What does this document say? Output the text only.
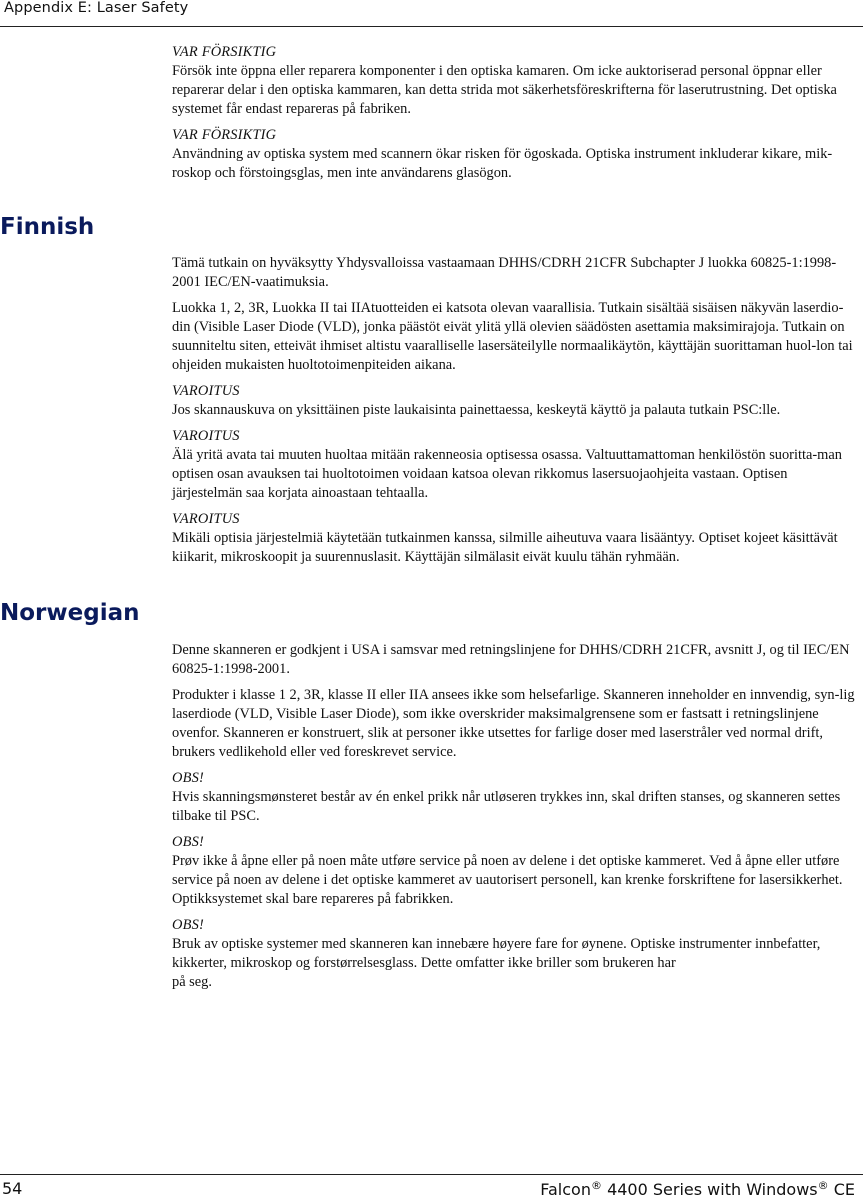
Appendix E: Laser Safety

VAR FÖRSIKTIG

Försök inte öppna eller reparera komponenter i den optiska kamaren. Om icke auktoriserad personal öppnar eller reparerar delar i den optiska kammaren, kan detta strida mot säkerhetsföreskrifterna för laserutrustning. Det optiska systemet får endast repareras på fabriken.

VAR FÖRSIKTIG

Användning av optiska system med scannern ökar risken för ögoskada. Optiska instrument inkluderar kikare, mik-roskop och förstoingsglas, men inte användarens glasögon.

Finnish

Tämä tutkain on hyväksytty Yhdysvalloissa vastaamaan DHHS/CDRH 21CFR Subchapter J luokka 60825-1:1998-2001 IEC/EN-vaatimuksia.

Luokka 1, 2, 3R, Luokka II tai IIAtuotteiden ei katsota olevan vaarallisia. Tutkain sisältää sisäisen näkyvän laserdio-din (Visible Laser Diode (VLD), jonka päästöt eivät ylitä yllä olevien säädösten asettamia maksimirajoja. Tutkain on suunniteltu siten, etteivät ihmiset altistu vaaralliselle lasersäteilylle normaalikäytön, käyttäjän suorittaman huol-lon tai ohjeiden mukaisten huoltotoimenpiteiden aikana.

VAROITUS

Jos skannauskuva on yksittäinen piste laukaisinta painettaessa, keskeytä käyttö ja palauta tutkain PSC:lle.

VAROITUS

Älä yritä avata tai muuten huoltaa mitään rakenneosia optisessa osassa. Valtuuttamattoman henkilöstön suoritta-man optisen osan avauksen tai huoltotoimen voidaan katsoa olevan rikkomus lasersuojaohjeita vastaan. Optisen järjestelmän saa korjata ainoastaan tehtaalla.

VAROITUS

Mikäli optisia järjestelmiä käytetään tutkainmen kanssa, silmille aiheutuva vaara lisääntyy. Optiset kojeet käsittävät kiikarit, mikroskoopit ja suurennuslasit. Käyttäjän silmälasit eivät kuulu tähän ryhmään.

Norwegian

Denne skanneren er godkjent i USA i samsvar med retningslinjene for DHHS/CDRH 21CFR, avsnitt J, og til IEC/EN 60825-1:1998-2001.

Produkter i klasse 1 2, 3R, klasse II eller IIA ansees ikke som helsefarlige. Skanneren inneholder en innvendig, syn-lig laserdiode (VLD, Visible Laser Diode), som ikke overskrider maksimalgrensene som er fastsatt i retningslinjene ovenfor. Skanneren er konstruert, slik at personer ikke utsettes for farlige doser med laserstråler ved normal drift, brukers vedlikehold eller ved foreskrevet service.

OBS!

Hvis skanningsmønsteret består av én enkel prikk når utløseren trykkes inn, skal driften stanses, og skanneren settes tilbake til PSC.

OBS!

Prøv ikke å åpne eller på noen måte utføre service på noen av delene i det optiske kammeret. Ved å åpne eller utføre service på noen av delene i det optiske kammeret av uautorisert personell, kan krenke forskriftene for lasersikkerhet. Optikksystemet skal bare repareres på fabrikken.

OBS!

Bruk av optiske systemer med skanneren kan innebære høyere fare for øynene. Optiske instrumenter innbefatter, kikkerter, mikroskop og forstørrelsesglass. Dette omfatter ikke briller som brukeren har
på seg.

54	Falcon® 4400 Series with Windows® CE
